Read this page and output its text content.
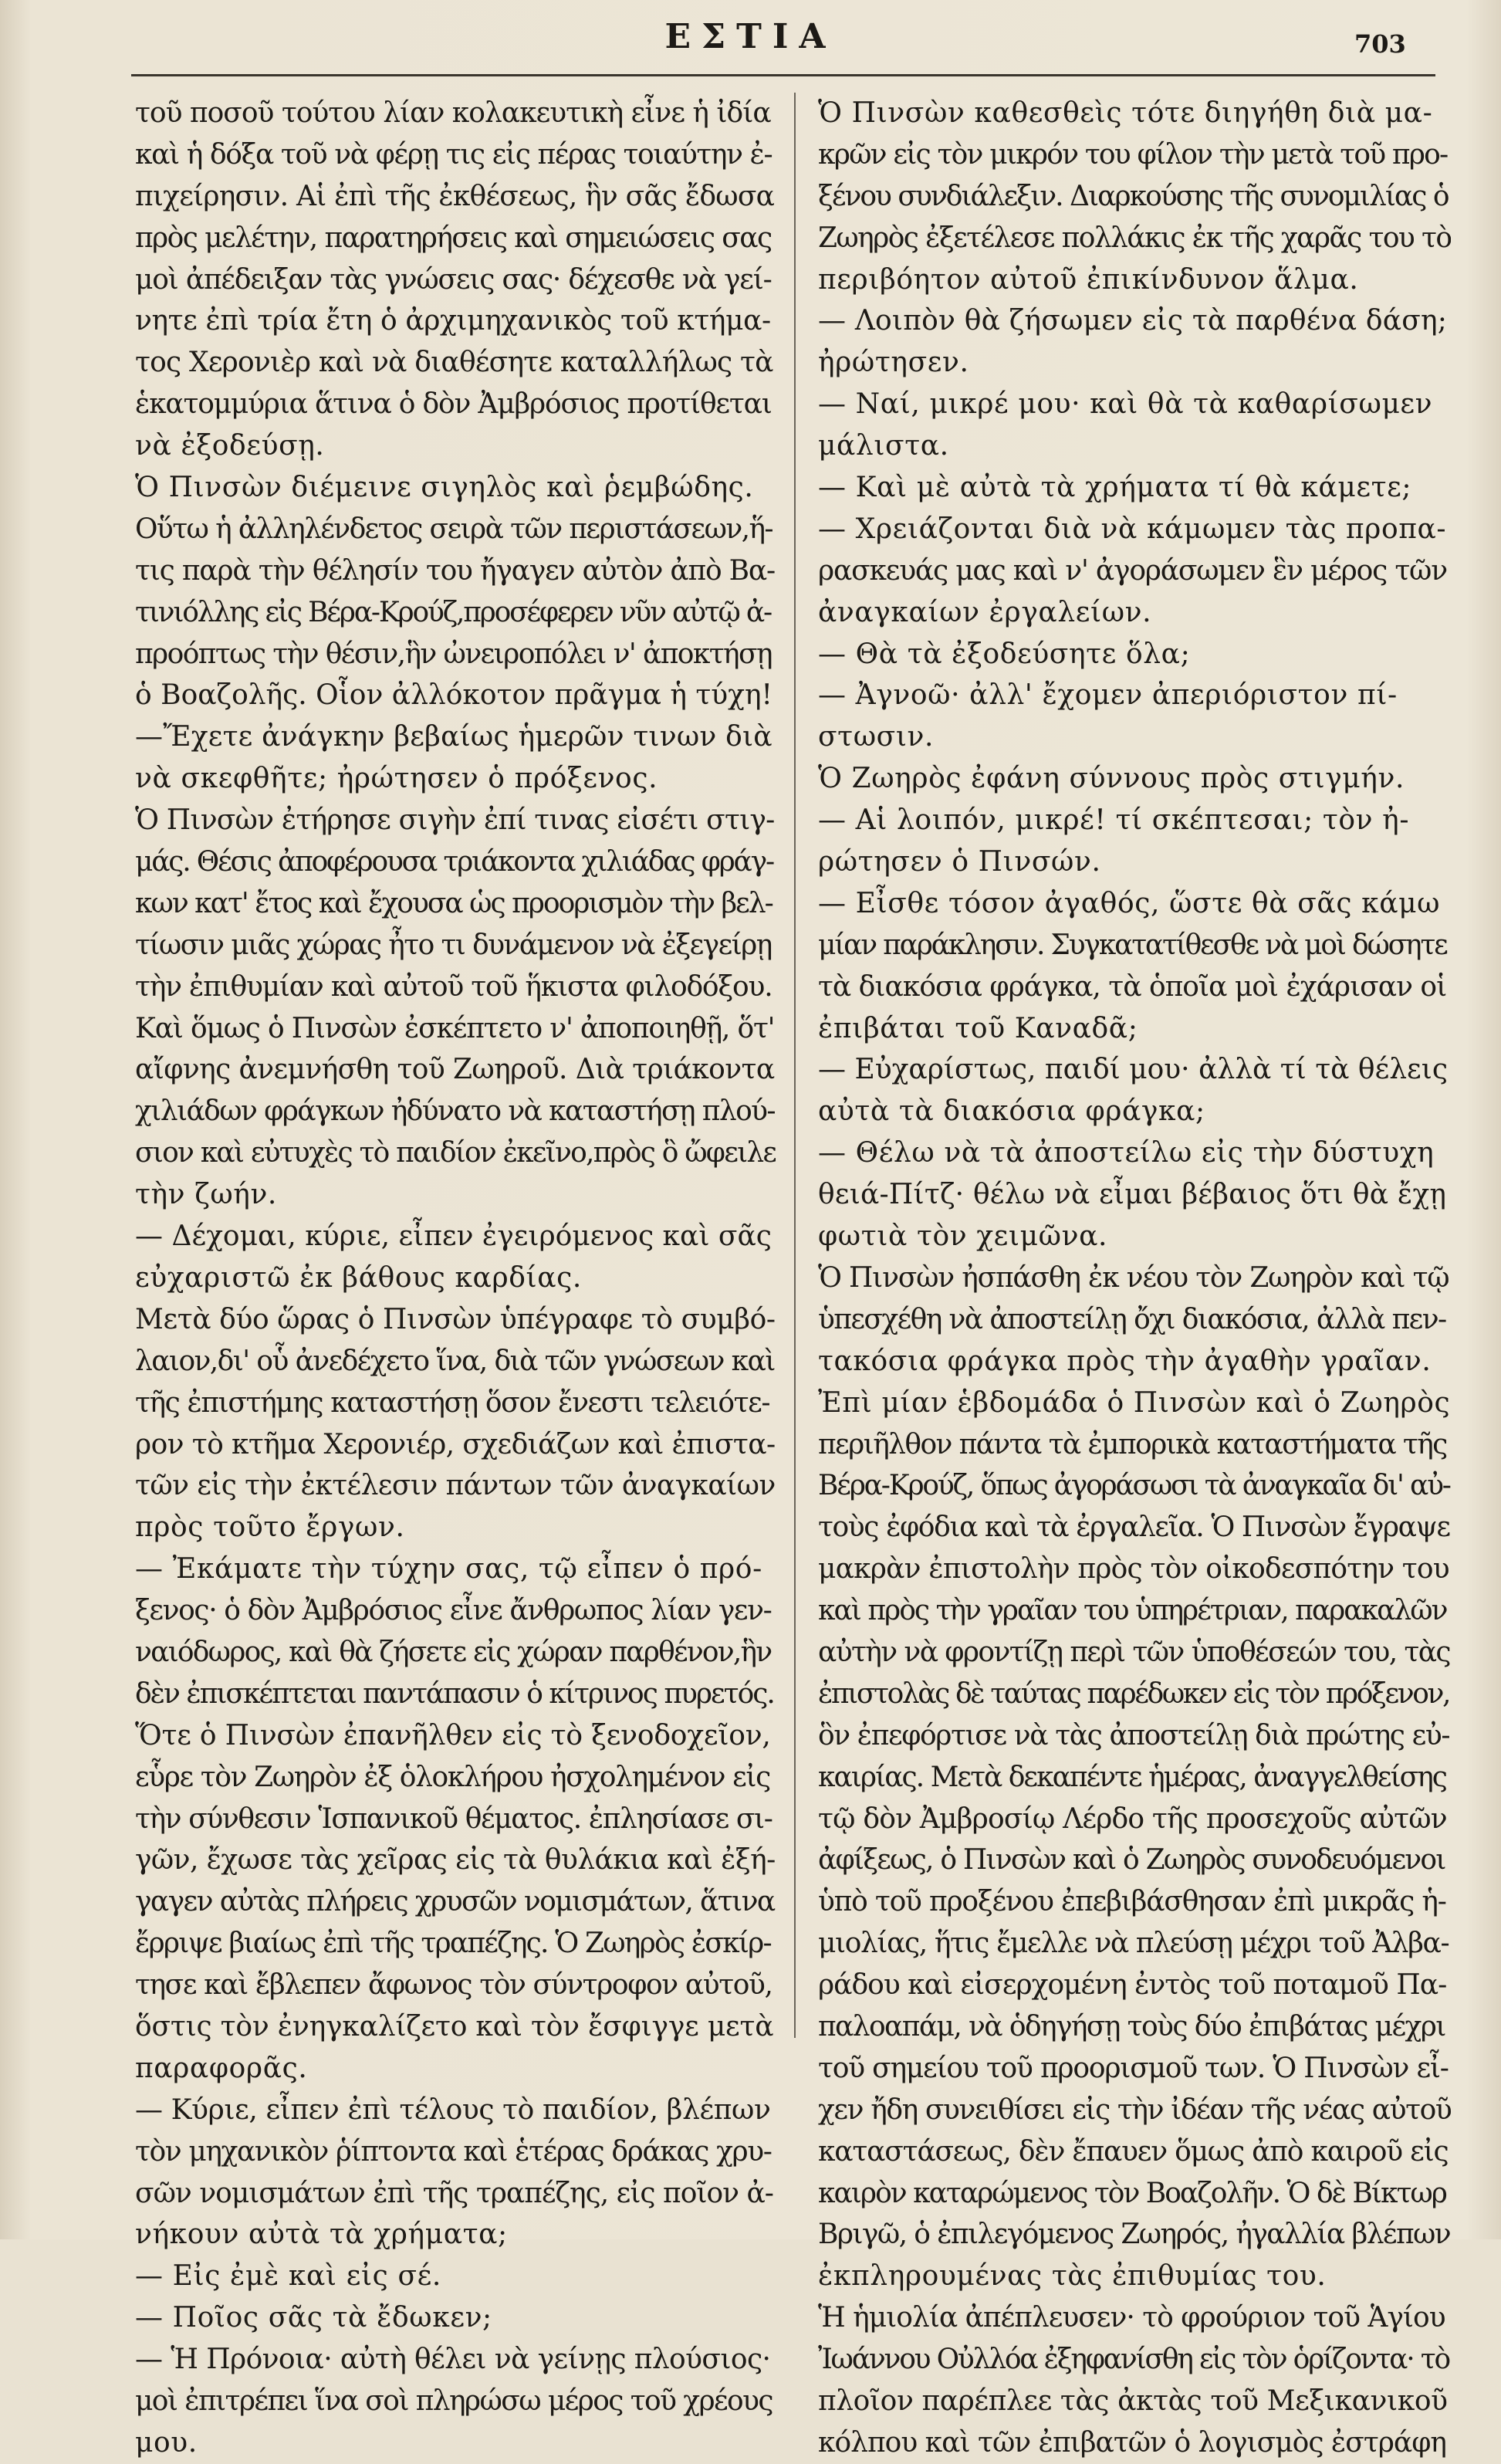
ΕΣΤΙΑ	703
τοῦ ποσοῦ τούτου λίαν κολακευτικὴ εἶνε ἡ ἰδία
καὶ ἡ δόξα τοῦ νὰ φέρῃ τις εἰς πέρας τοιαύτην ἐ-
πιχείρησιν. Αἱ ἐπὶ τῆς ἐκθέσεως, ἣν σᾶς ἔδωσα
πρὸς μελέτην, παρατηρήσεις καὶ σημειώσεις σας
μοὶ ἀπέδειξαν τὰς γνώσεις σας· δέχεσθε νὰ γεί-
νητε ἐπὶ τρία ἔτη ὁ ἀρχιμηχανικὸς τοῦ κτήμα-
τος Χερονιὲρ καὶ νὰ διαθέσητε καταλλήλως τὰ
ἑκατομμύρια ἅτινα ὁ δὸν Ἀμβρόσιος προτίθεται
νὰ ἐξοδεύσῃ.
Ὁ Πινσὼν διέμεινε σιγηλὸς καὶ ῥεμβώδης.
Οὕτω ἡ ἀλληλένδετος σειρὰ τῶν περιστάσεων,ἥ-
τις παρὰ τὴν θέλησίν του ἤγαγεν αὐτὸν ἀπὸ Βα-
τινιόλλης εἰς Βέρα-Κρούζ,προσέφερεν νῦν αὐτῷ ἀ-
προόπτως τὴν θέσιν,ἣν ὠνειροπόλει ν' ἀποκτήσῃ
ὁ Βοαζολῆς. Οἷον ἀλλόκοτον πρᾶγμα ἡ τύχη!
—Ἔχετε ἀνάγκην βεβαίως ἡμερῶν τινων διὰ
νὰ σκεφθῆτε; ἠρώτησεν ὁ πρόξενος.
Ὁ Πινσὼν ἐτήρησε σιγὴν ἐπί τινας εἰσέτι στιγ-
μάς. Θέσις ἀποφέρουσα τριάκοντα χιλιάδας φράγ-
κων κατ' ἔτος καὶ ἔχουσα ὡς προορισμὸν τὴν βελ-
τίωσιν μιᾶς χώρας ἦτο τι δυνάμενον νὰ ἐξεγείρῃ
τὴν ἐπιθυμίαν καὶ αὐτοῦ τοῦ ἥκιστα φιλοδόξου.
Καὶ ὅμως ὁ Πινσὼν ἐσκέπτετο ν' ἀποποιηθῇ, ὅτ'
αἴφνης ἀνεμνήσθη τοῦ Ζωηροῦ. Διὰ τριάκοντα
χιλιάδων φράγκων ἠδύνατο νὰ καταστήσῃ πλού-
σιον καὶ εὐτυχὲς τὸ παιδίον ἐκεῖνο,πρὸς ὃ ὤφειλε
τὴν ζωήν.
— Δέχομαι, κύριε, εἶπεν ἐγειρόμενος καὶ σᾶς
εὐχαριστῶ ἐκ βάθους καρδίας.
Μετὰ δύο ὥρας ὁ Πινσὼν ὑπέγραφε τὸ συμβό-
λαιον,δι' οὗ ἀνεδέχετο ἵνα, διὰ τῶν γνώσεων καὶ
τῆς ἐπιστήμης καταστήσῃ ὅσον ἔνεστι τελειότε-
ρον τὸ κτῆμα Χερονιέρ, σχεδιάζων καὶ ἐπιστα-
τῶν εἰς τὴν ἐκτέλεσιν πάντων τῶν ἀναγκαίων
πρὸς τοῦτο ἔργων.
— Ἐκάματε τὴν τύχην σας, τῷ εἶπεν ὁ πρό-
ξενος· ὁ δὸν Ἀμβρόσιος εἶνε ἄνθρωπος λίαν γεν-
ναιόδωρος, καὶ θὰ ζήσετε εἰς χώραν παρθένον,ἣν
δὲν ἐπισκέπτεται παντάπασιν ὁ κίτρινος πυρετός.
Ὅτε ὁ Πινσὼν ἐπανῆλθεν εἰς τὸ ξενοδοχεῖον,
εὗρε τὸν Ζωηρὸν ἐξ ὁλοκλήρου ἠσχολημένον εἰς
τὴν σύνθεσιν Ἱσπανικοῦ θέματος. ἐπλησίασε σι-
γῶν, ἔχωσε τὰς χεῖρας εἰς τὰ θυλάκια καὶ ἐξή-
γαγεν αὐτὰς πλήρεις χρυσῶν νομισμάτων, ἅτινα
ἔρριψε βιαίως ἐπὶ τῆς τραπέζης. Ὁ Ζωηρὸς ἐσκίρ-
τησε καὶ ἔβλεπεν ἄφωνος τὸν σύντροφον αὐτοῦ,
ὅστις τὸν ἐνηγκαλίζετο καὶ τὸν ἔσφιγγε μετὰ
παραφορᾶς.
— Κύριε, εἶπεν ἐπὶ τέλους τὸ παιδίον, βλέπων
τὸν μηχανικὸν ῥίπτοντα καὶ ἑτέρας δράκας χρυ-
σῶν νομισμάτων ἐπὶ τῆς τραπέζης, εἰς ποῖον ἀ-
νήκουν αὐτὰ τὰ χρήματα;
— Εἰς ἐμὲ καὶ εἰς σέ.
— Ποῖος σᾶς τὰ ἔδωκεν;
— Ἡ Πρόνοια· αὐτὴ θέλει νὰ γείνῃς πλούσιος·
μοὶ ἐπιτρέπει ἵνα σοὶ πληρώσω μέρος τοῦ χρέους
μου.
Ὁ Πινσὼν καθεσθεὶς τότε διηγήθη διὰ μα-
κρῶν εἰς τὸν μικρόν του φίλον τὴν μετὰ τοῦ προ-
ξένου συνδιάλεξιν. Διαρκούσης τῆς συνομιλίας ὁ
Ζωηρὸς ἐξετέλεσε πολλάκις ἐκ τῆς χαρᾶς του τὸ
περιβόητον αὐτοῦ ἐπικίνδυνον ἅλμα.
— Λοιπὸν θὰ ζήσωμεν εἰς τὰ παρθένα δάση;
ἠρώτησεν.
— Ναί, μικρέ μου· καὶ θὰ τὰ καθαρίσωμεν
μάλιστα.
— Καὶ μὲ αὐτὰ τὰ χρήματα τί θὰ κάμετε;
— Χρειάζονται διὰ νὰ κάμωμεν τὰς προπα-
ρασκευάς μας καὶ ν' ἀγοράσωμεν ἓν μέρος τῶν
ἀναγκαίων ἐργαλείων.
— Θὰ τὰ ἐξοδεύσητε ὅλα;
— Ἀγνοῶ· ἀλλ' ἔχομεν ἀπεριόριστον πί-
στωσιν.
Ὁ Ζωηρὸς ἐφάνη σύννους πρὸς στιγμήν.
— Αἱ λοιπόν, μικρέ! τί σκέπτεσαι; τὸν ἠ-
ρώτησεν ὁ Πινσών.
— Εἶσθε τόσον ἀγαθός, ὥστε θὰ σᾶς κάμω
μίαν παράκλησιν. Συγκατατίθεσθε νὰ μοὶ δώσητε
τὰ διακόσια φράγκα, τὰ ὁποῖα μοὶ ἐχάρισαν οἱ
ἐπιβάται τοῦ Καναδᾶ;
— Εὐχαρίστως, παιδί μου· ἀλλὰ τί τὰ θέλεις
αὐτὰ τὰ διακόσια φράγκα;
— Θέλω νὰ τὰ ἀποστείλω εἰς τὴν δύστυχη
θειά-Πίτζ· θέλω νὰ εἶμαι βέβαιος ὅτι θὰ ἔχῃ
φωτιὰ τὸν χειμῶνα.
Ὁ Πινσὼν ἠσπάσθη ἐκ νέου τὸν Ζωηρὸν καὶ τῷ
ὑπεσχέθη νὰ ἀποστείλῃ ὄχι διακόσια, ἀλλὰ πεν-
τακόσια φράγκα πρὸς τὴν ἀγαθὴν γραῖαν.
Ἐπὶ μίαν ἑβδομάδα ὁ Πινσὼν καὶ ὁ Ζωηρὸς
περιῆλθον πάντα τὰ ἐμπορικὰ καταστήματα τῆς
Βέρα-Κρούζ, ὅπως ἀγοράσωσι τὰ ἀναγκαῖα δι' αὐ-
τοὺς ἐφόδια καὶ τὰ ἐργαλεῖα. Ὁ Πινσὼν ἔγραψε
μακρὰν ἐπιστολὴν πρὸς τὸν οἰκοδεσπότην του
καὶ πρὸς τὴν γραῖαν του ὑπηρέτριαν, παρακαλῶν
αὐτὴν νὰ φροντίζῃ περὶ τῶν ὑποθέσεών του, τὰς
ἐπιστολὰς δὲ ταύτας παρέδωκεν εἰς τὸν πρόξενον,
ὃν ἐπεφόρτισε νὰ τὰς ἀποστείλῃ διὰ πρώτης εὐ-
καιρίας. Μετὰ δεκαπέντε ἡμέρας, ἀναγγελθείσης
τῷ δὸν Ἀμβροσίῳ Λέρδο τῆς προσεχοῦς αὐτῶν
ἀφίξεως, ὁ Πινσὼν καὶ ὁ Ζωηρὸς συνοδευόμενοι
ὑπὸ τοῦ προξένου ἐπεβιβάσθησαν ἐπὶ μικρᾶς ἡ-
μιολίας, ἥτις ἔμελλε νὰ πλεύσῃ μέχρι τοῦ Ἀλβα-
ράδου καὶ εἰσερχομένη ἐντὸς τοῦ ποταμοῦ Πα-
παλοαπάμ, νὰ ὁδηγήσῃ τοὺς δύο ἐπιβάτας μέχρι
τοῦ σημείου τοῦ προορισμοῦ των. Ὁ Πινσὼν εἶ-
χεν ἤδη συνειθίσει εἰς τὴν ἰδέαν τῆς νέας αὐτοῦ
καταστάσεως, δὲν ἔπαυεν ὅμως ἀπὸ καιροῦ εἰς
καιρὸν καταρώμενος τὸν Βοαζολῆν. Ὁ δὲ Βίκτωρ
Βριγῶ, ὁ ἐπιλεγόμενος Ζωηρός, ἠγαλλία βλέπων
ἐκπληρουμένας τὰς ἐπιθυμίας του.
Ἡ ἡμιολία ἀπέπλευσεν· τὸ φρούριον τοῦ Ἁγίου
Ἰωάννου Οὐλλόα ἐξηφανίσθη εἰς τὸν ὁρίζοντα· τὸ
πλοῖον παρέπλεε τὰς ἀκτὰς τοῦ Μεξικανικοῦ
κόλπου καὶ τῶν ἐπιβατῶν ὁ λογισμὸς ἐστράφη
